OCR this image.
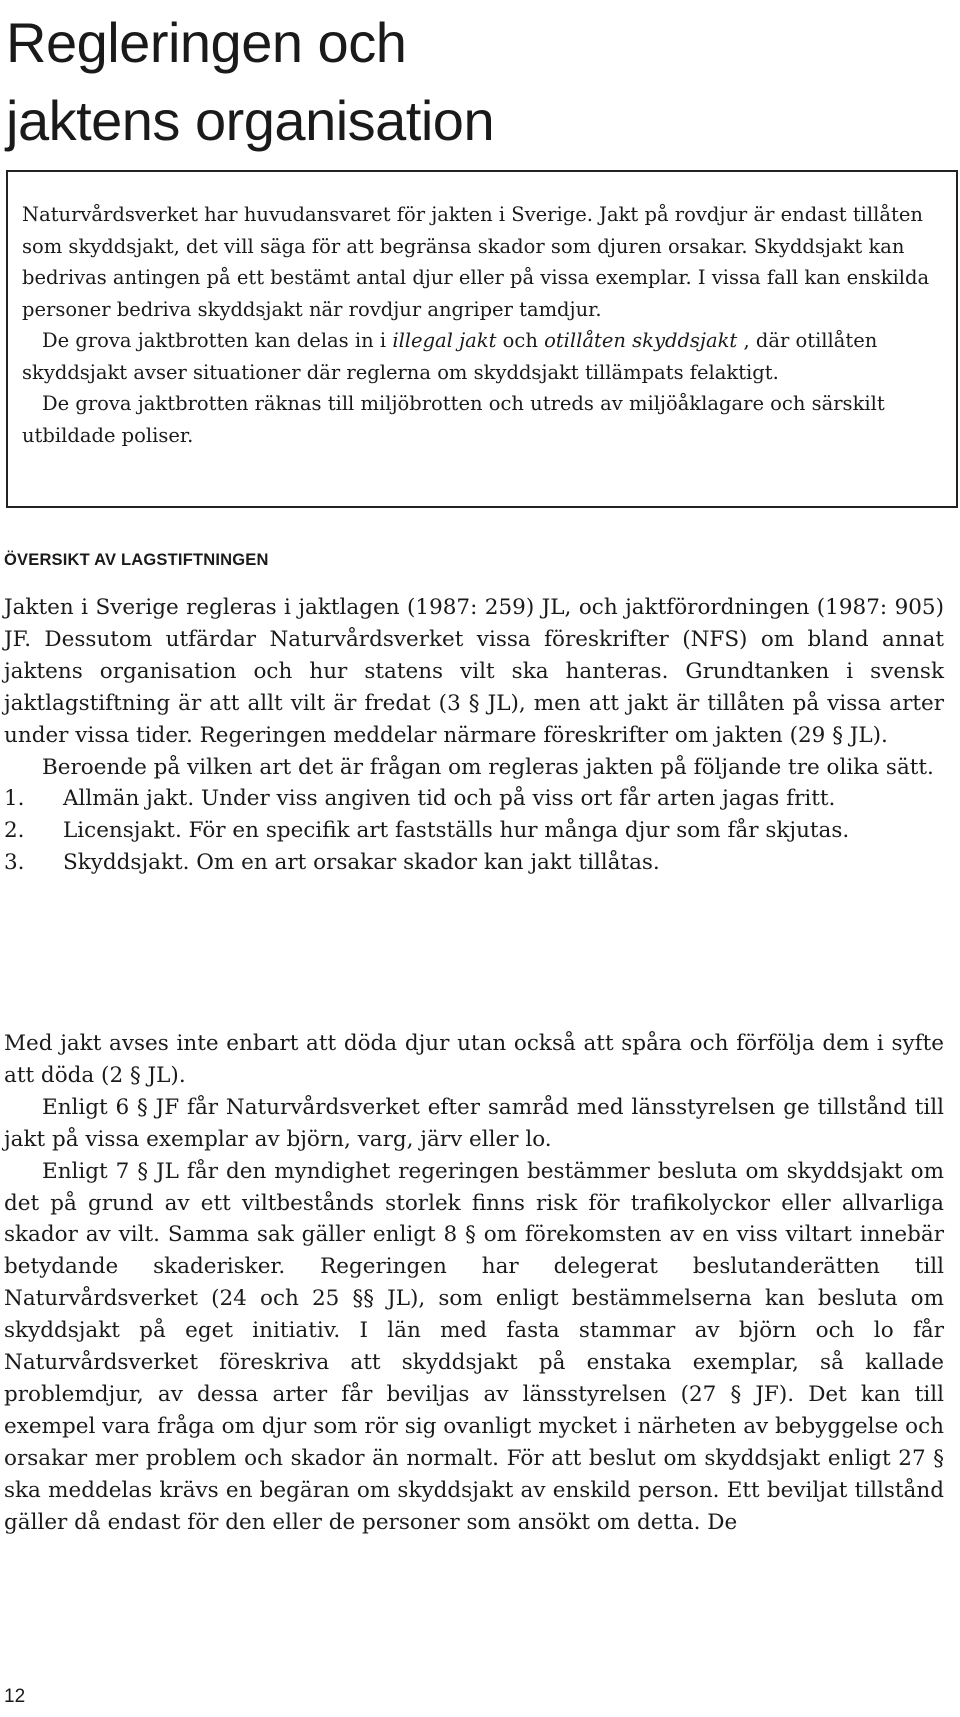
Regleringen och
jaktens organisation

Naturvårdsverket har huvudansvaret för jakten i Sverige. Jakt på rovdjur är endast tillåten som skyddsjakt, det vill säga för att begränsa skador som djuren orsakar. Skyddsjakt kan bedrivas antingen på ett bestämt antal djur eller på vissa exemplar. I vissa fall kan enskilda personer bedriva skyddsjakt när rovdjur angriper tamdjur.

De grova jaktbrotten kan delas in i illegal jakt och otillåten skyddsjakt , där otillåten skyddsjakt avser situationer där reglerna om skyddsjakt tillämpats felaktigt.

De grova jaktbrotten räknas till miljöbrotten och utreds av miljöåklagare och särskilt utbildade poliser.

ÖVERSIKT AV LAGSTIFTNINGEN

Jakten i Sverige regleras i jaktlagen (1987: 259) JL, och jaktförordningen (1987: 905) JF. Dessutom utfärdar Naturvårdsverket vissa föreskrifter (NFS) om bland annat jaktens organisation och hur statens vilt ska hanteras. Grundtanken i svensk jaktlagstiftning är att allt vilt är fredat (3 § JL), men att jakt är tillåten på vissa arter under vissa tider. Regeringen meddelar närmare föreskrifter om jakten (29 § JL).

Beroende på vilken art det är frågan om regleras jakten på följande tre olika sätt.

1. Allmän jakt. Under viss angiven tid och på viss ort får arten jagas fritt.
2. Licensjakt. För en specifik art fastställs hur många djur som får skjutas.
3. Skyddsjakt. Om en art orsakar skador kan jakt tillåtas.

Med jakt avses inte enbart att döda djur utan också att spåra och förfölja dem i syfte att döda (2 § JL).

Enligt 6 § JF får Naturvårdsverket efter samråd med länsstyrelsen ge tillstånd till jakt på vissa exemplar av björn, varg, järv eller lo.

Enligt 7 § JL får den myndighet regeringen bestämmer besluta om skyddsjakt om det på grund av ett viltbestånds storlek finns risk för trafikolyckor eller allvarliga skador av vilt. Samma sak gäller enligt 8 § om förekomsten av en viss viltart innebär betydande skaderisker. Regeringen har delegerat beslutanderätten till Naturvårdsverket (24 och 25 §§ JL), som enligt bestämmelserna kan besluta om skyddsjakt på eget initiativ. I län med fasta stammar av björn och lo får Naturvårdsverket föreskriva att skyddsjakt på enstaka exemplar, så kallade problemdjur, av dessa arter får beviljas av länsstyrelsen (27 § JF). Det kan till exempel vara fråga om djur som rör sig ovanligt mycket i närheten av bebyggelse och orsakar mer problem och skador än normalt. För att beslut om skyddsjakt enligt 27 § ska meddelas krävs en begäran om skyddsjakt av enskild person. Ett beviljat tillstånd gäller då endast för den eller de personer som ansökt om detta. De

12
